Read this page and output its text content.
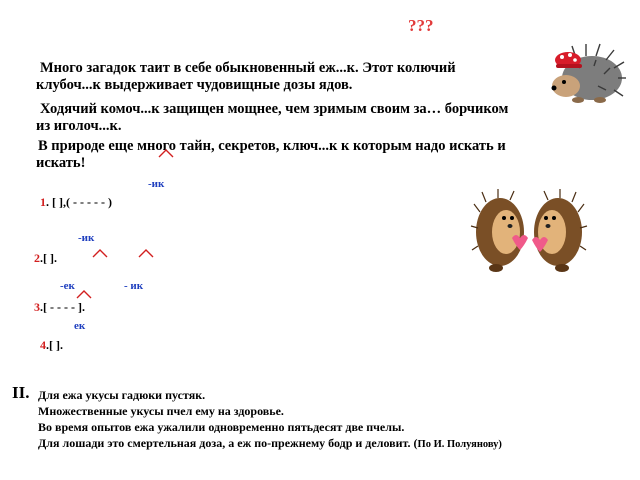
???
Много загадок таит в себе обыкновенный еж...к. Этот колючий
клубоч...к выдерживает чудовищные дозы ядов.
Ходячий комоч...к защищен мощнее, чем зримым своим за… борчиком
из иголоч...к.
В природе еще много тайн, секретов, ключ...к к которым надо искать и
искать!
-ик
1. [ ],( - - - - - )
-ик
2.[ ].
-ек	- ик
3.[ - - - - ].
ек
4.[ ].
II. Для ежа укусы гадюки пустяк.
Множественные укусы пчел ему на здоровье.
Во время опытов ежа ужалили одновременно пятьдесят две пчелы.
Для лошади это смертельная доза, а еж по-прежнему бодр и деловит. (По И. Полуянову)
